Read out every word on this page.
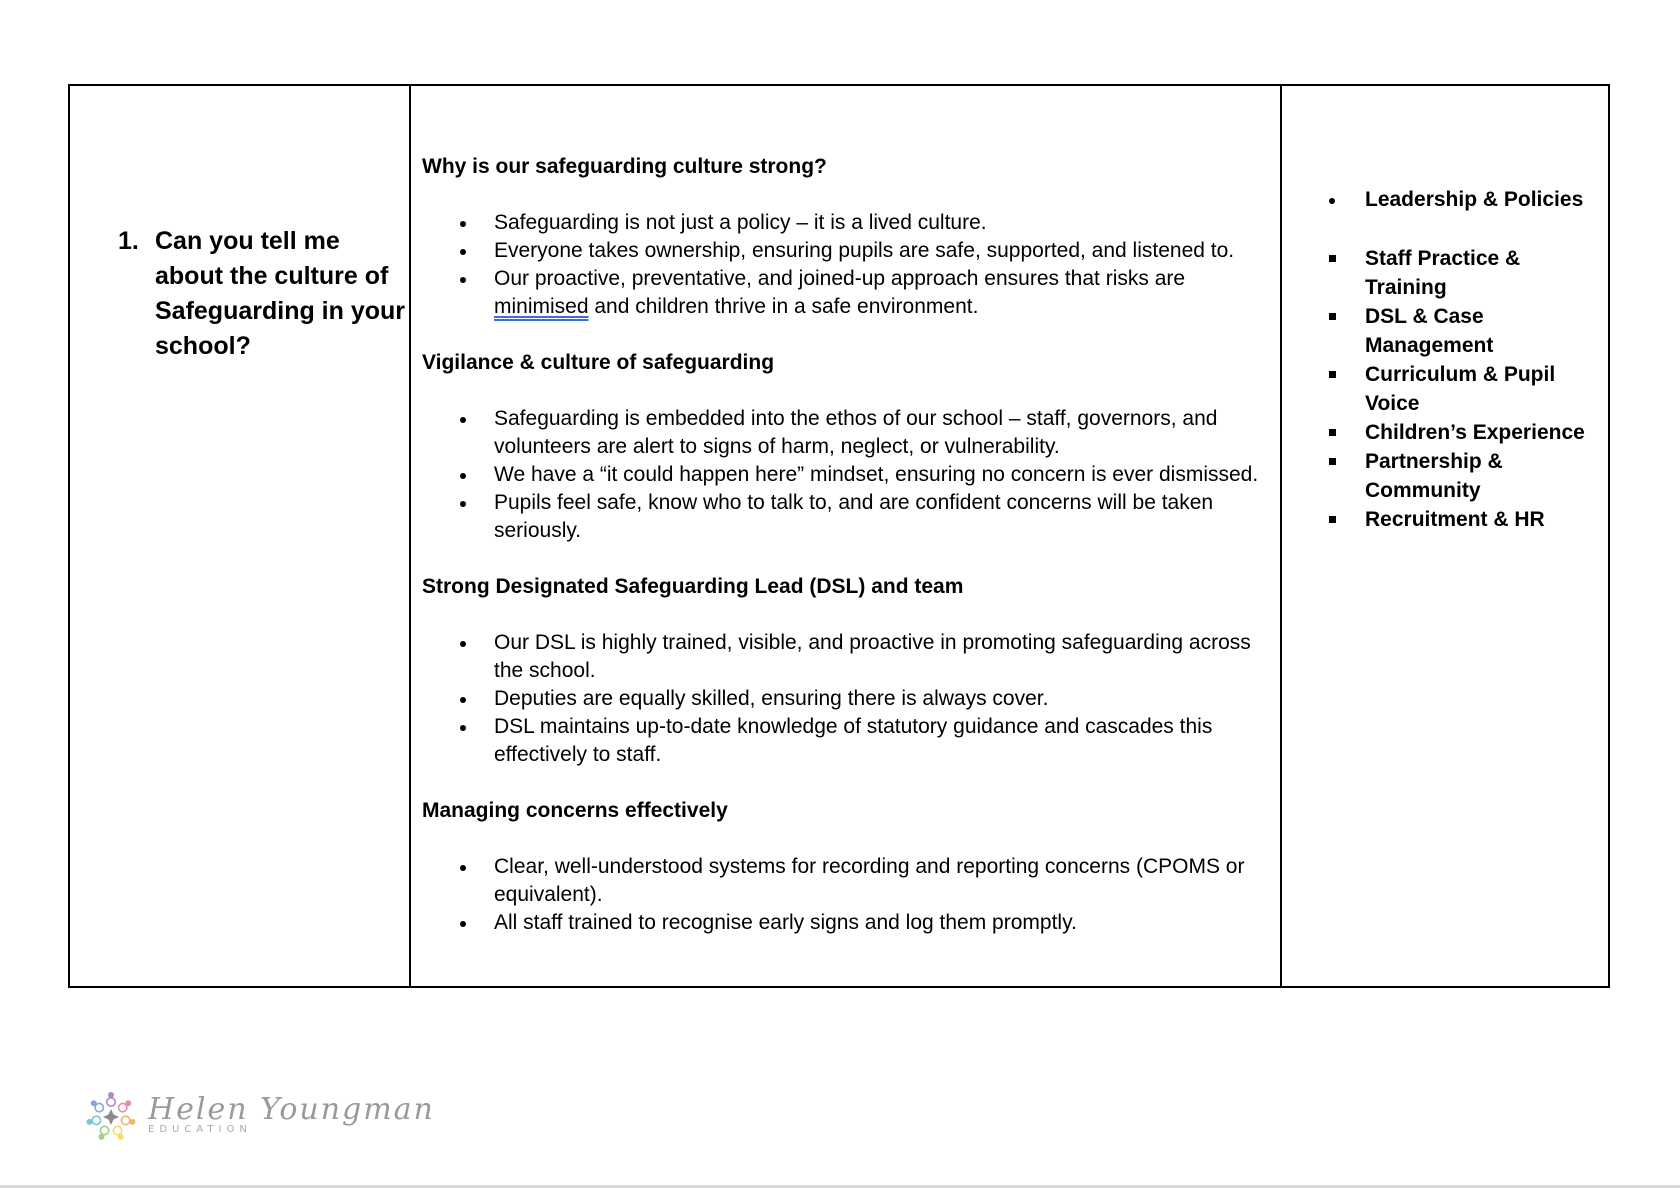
1. Can you tell me about the culture of Safeguarding in your school?
Why is our safeguarding culture strong?
Safeguarding is not just a policy – it is a lived culture.
Everyone takes ownership, ensuring pupils are safe, supported, and listened to.
Our proactive, preventative, and joined-up approach ensures that risks are minimised and children thrive in a safe environment.
Vigilance & culture of safeguarding
Safeguarding is embedded into the ethos of our school – staff, governors, and volunteers are alert to signs of harm, neglect, or vulnerability.
We have a “it could happen here” mindset, ensuring no concern is ever dismissed.
Pupils feel safe, know who to talk to, and are confident concerns will be taken seriously.
Strong Designated Safeguarding Lead (DSL) and team
Our DSL is highly trained, visible, and proactive in promoting safeguarding across the school.
Deputies are equally skilled, ensuring there is always cover.
DSL maintains up-to-date knowledge of statutory guidance and cascades this effectively to staff.
Managing concerns effectively
Clear, well-understood systems for recording and reporting concerns (CPOMS or equivalent).
All staff trained to recognise early signs and log them promptly.
Leadership & Policies
Staff Practice & Training
DSL & Case Management
Curriculum & Pupil Voice
Children’s Experience
Partnership & Community
Recruitment & HR
Helen Youngman
EDUCATION
